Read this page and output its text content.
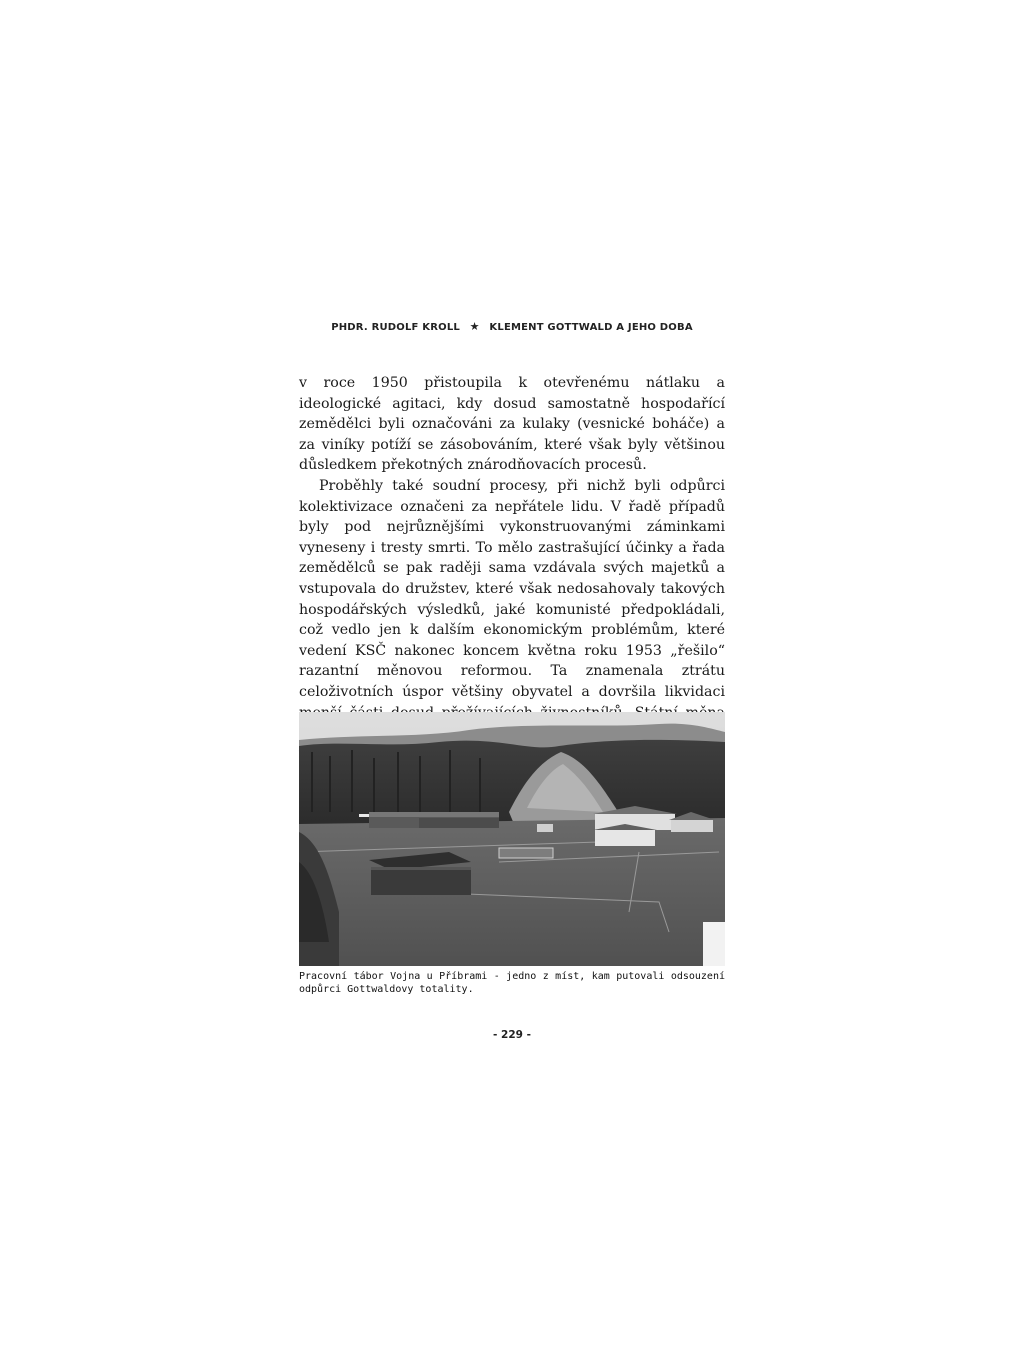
PHDR. RUDOLF KROLL ★ KLEMENT GOTTWALD A JEHO DOBA

v roce 1950 přistoupila k otevřenému nátlaku a ideologické agitaci, kdy dosud samostatně hospodařící zemědělci byli označováni za kulaky (vesnické boháče) a za viníky potíží se zásobováním, které však byly většinou důsledkem překotných znárodňovacích procesů.

Proběhly také soudní procesy, při nichž byli odpůrci kolektivizace označeni za nepřátele lidu. V řadě případů byly pod nejrůznějšími vykonstruovanými záminkami vyneseny i tresty smrti. To mělo zastrašující účinky a řada zemědělců se pak raději sama vzdávala svých majetků a vstupovala do družstev, které však nedosahovaly takových hospodářských výsledků, jaké komunisté předpokládali, což vedlo jen k dalším ekonomickým problémům, které vedení KSČ nakonec koncem května roku 1953 „řešilo“ razantní měnovou reformou. Ta znamenala ztrátu celoživotních úspor většiny obyvatel a dovršila likvidaci

Pracovní tábor Vojna u Příbrami - jedno z míst, kam putovali odsouzení odpůrci Gottwaldovy totality.
- 229 -
